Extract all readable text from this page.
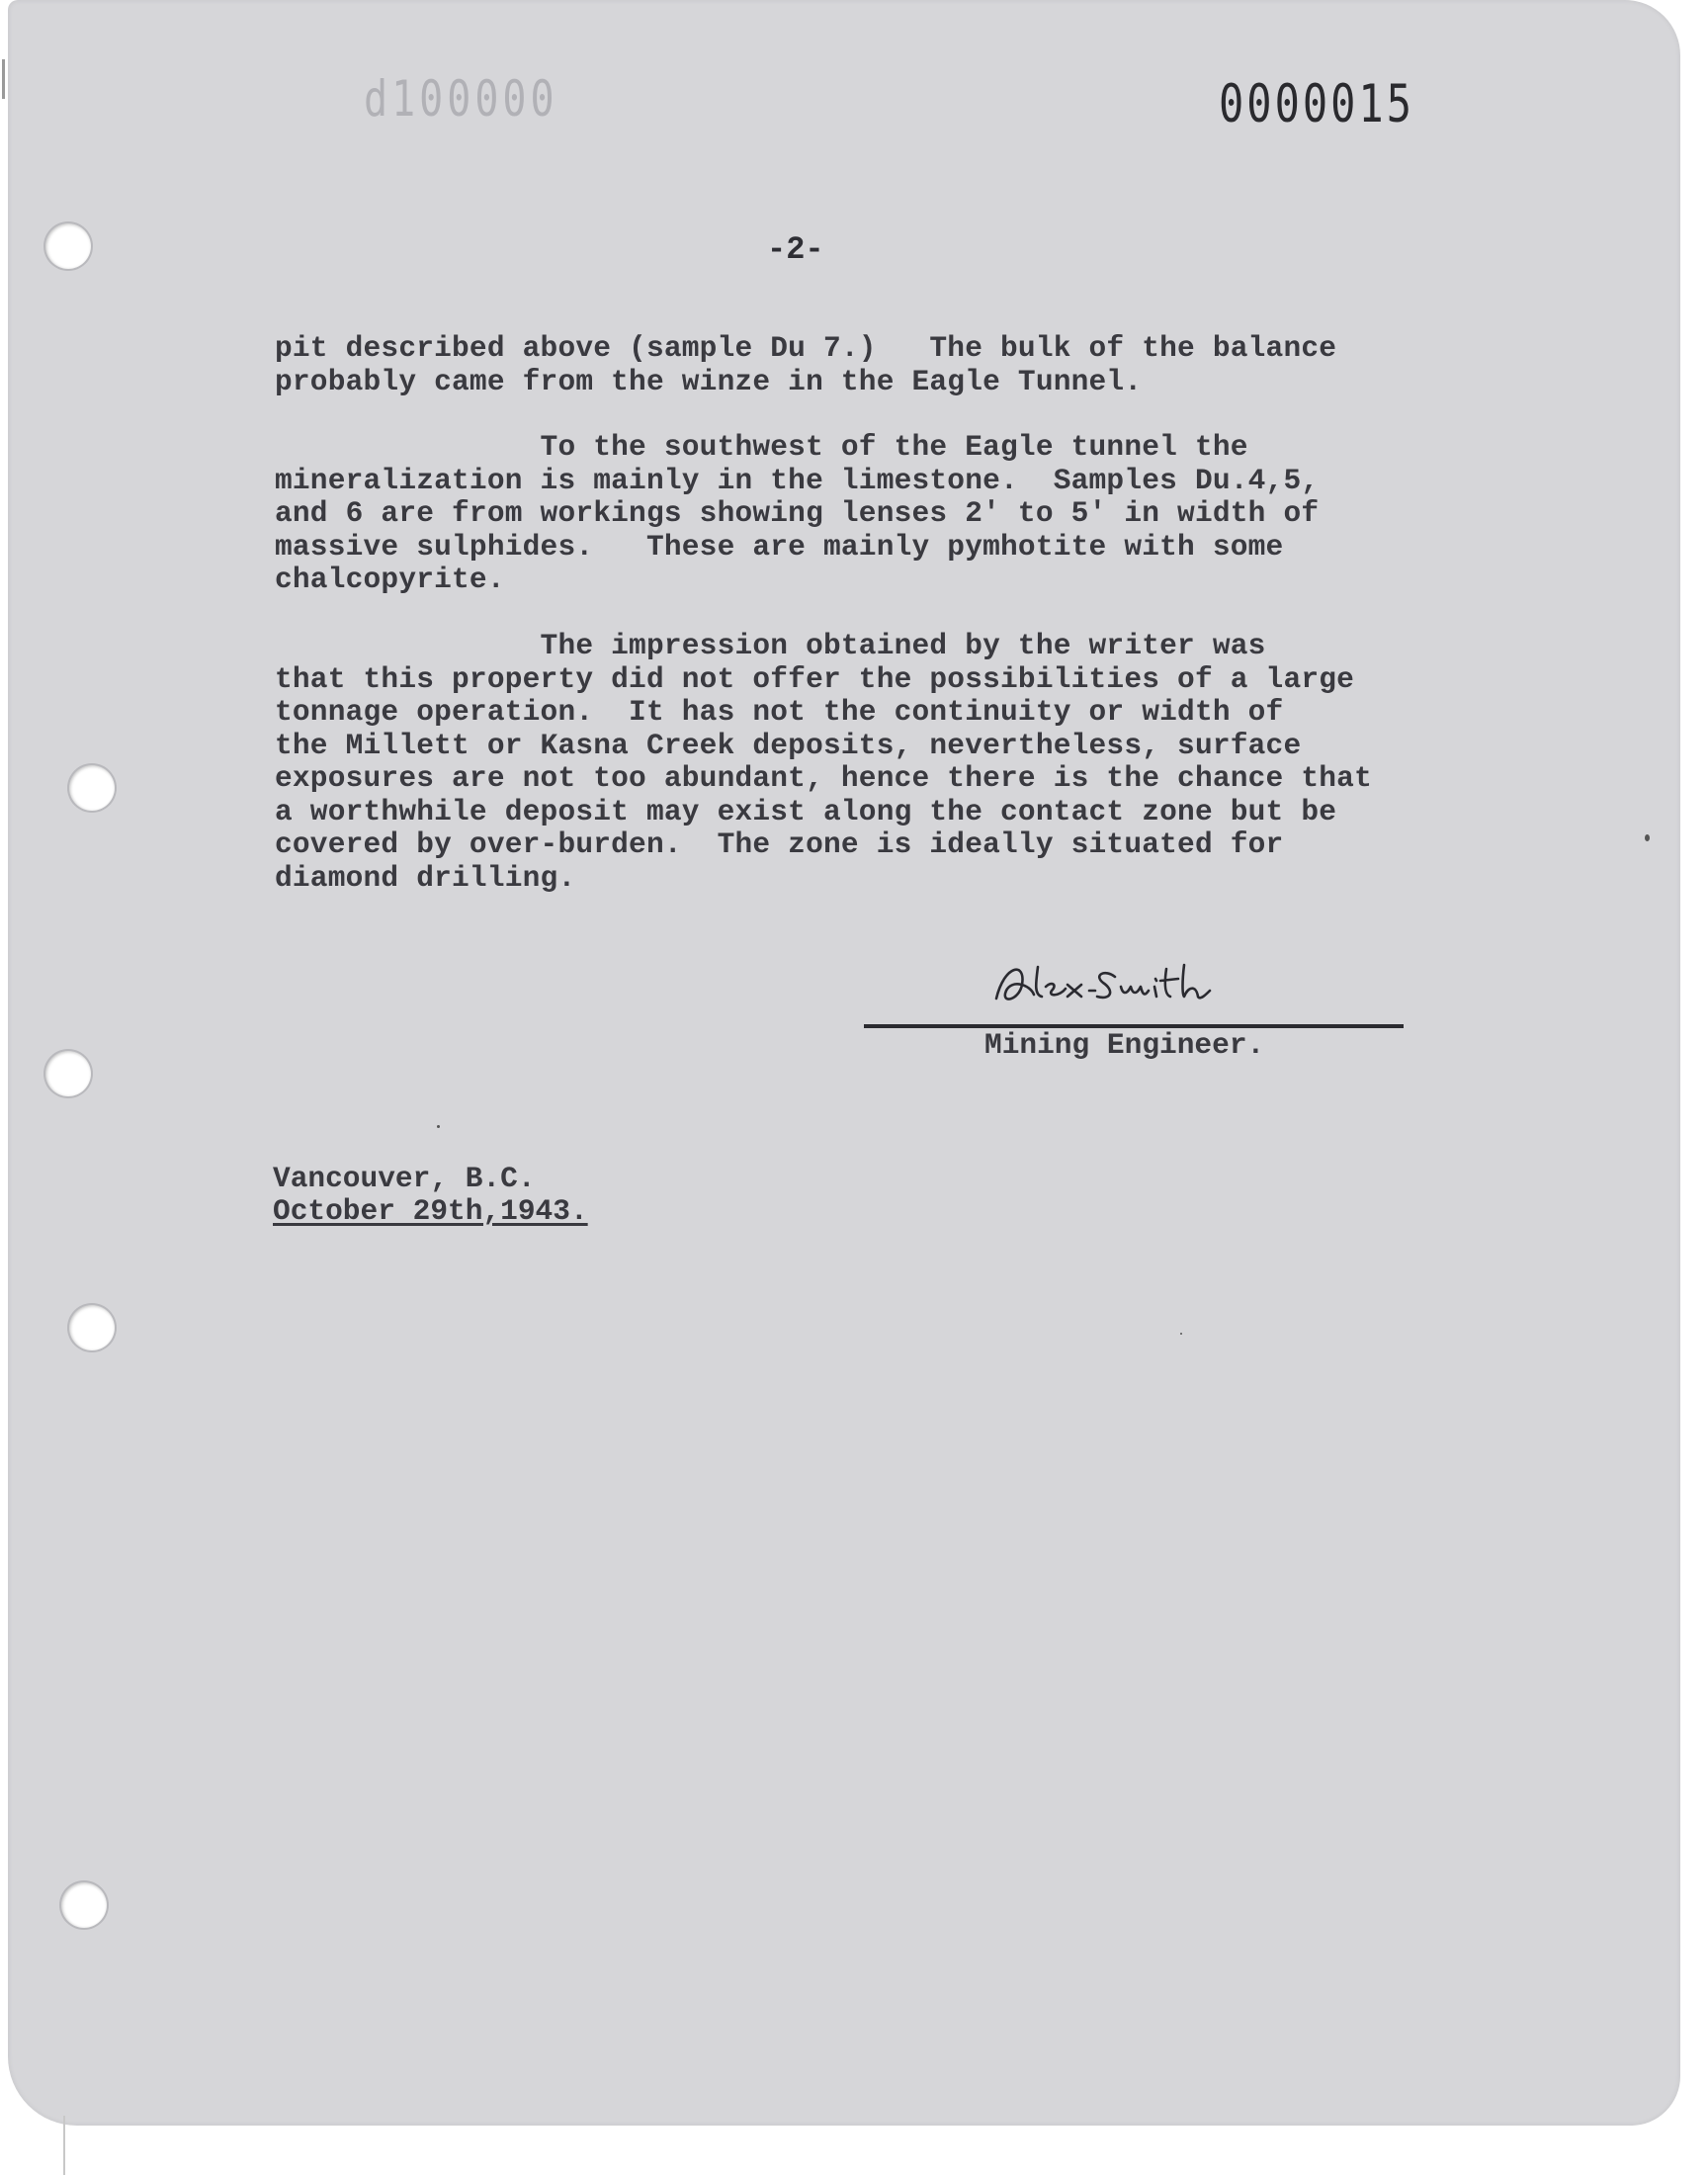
d100000	0000015
-2-

pit described above (sample Du 7.)   The bulk of the balance
probably came from the winze in the Eagle Tunnel.

To the southwest of the Eagle tunnel the
mineralization is mainly in the limestone.  Samples Du.4,5,
and 6 are from workings showing lenses 2' to 5' in width of
massive sulphides.   These are mainly pymhotite with some
chalcopyrite.

The impression obtained by the writer was
that this property did not offer the possibilities of a large
tonnage operation.  It has not the continuity or width of
the Millett or Kasna Creek deposits, nevertheless, surface
exposures are not too abundant, hence there is the chance that
a worthwhile deposit may exist along the contact zone but be
covered by over-burden.  The zone is ideally situated for
diamond drilling.

Mining Engineer.
Vancouver, B.C.
October 29th,1943.
